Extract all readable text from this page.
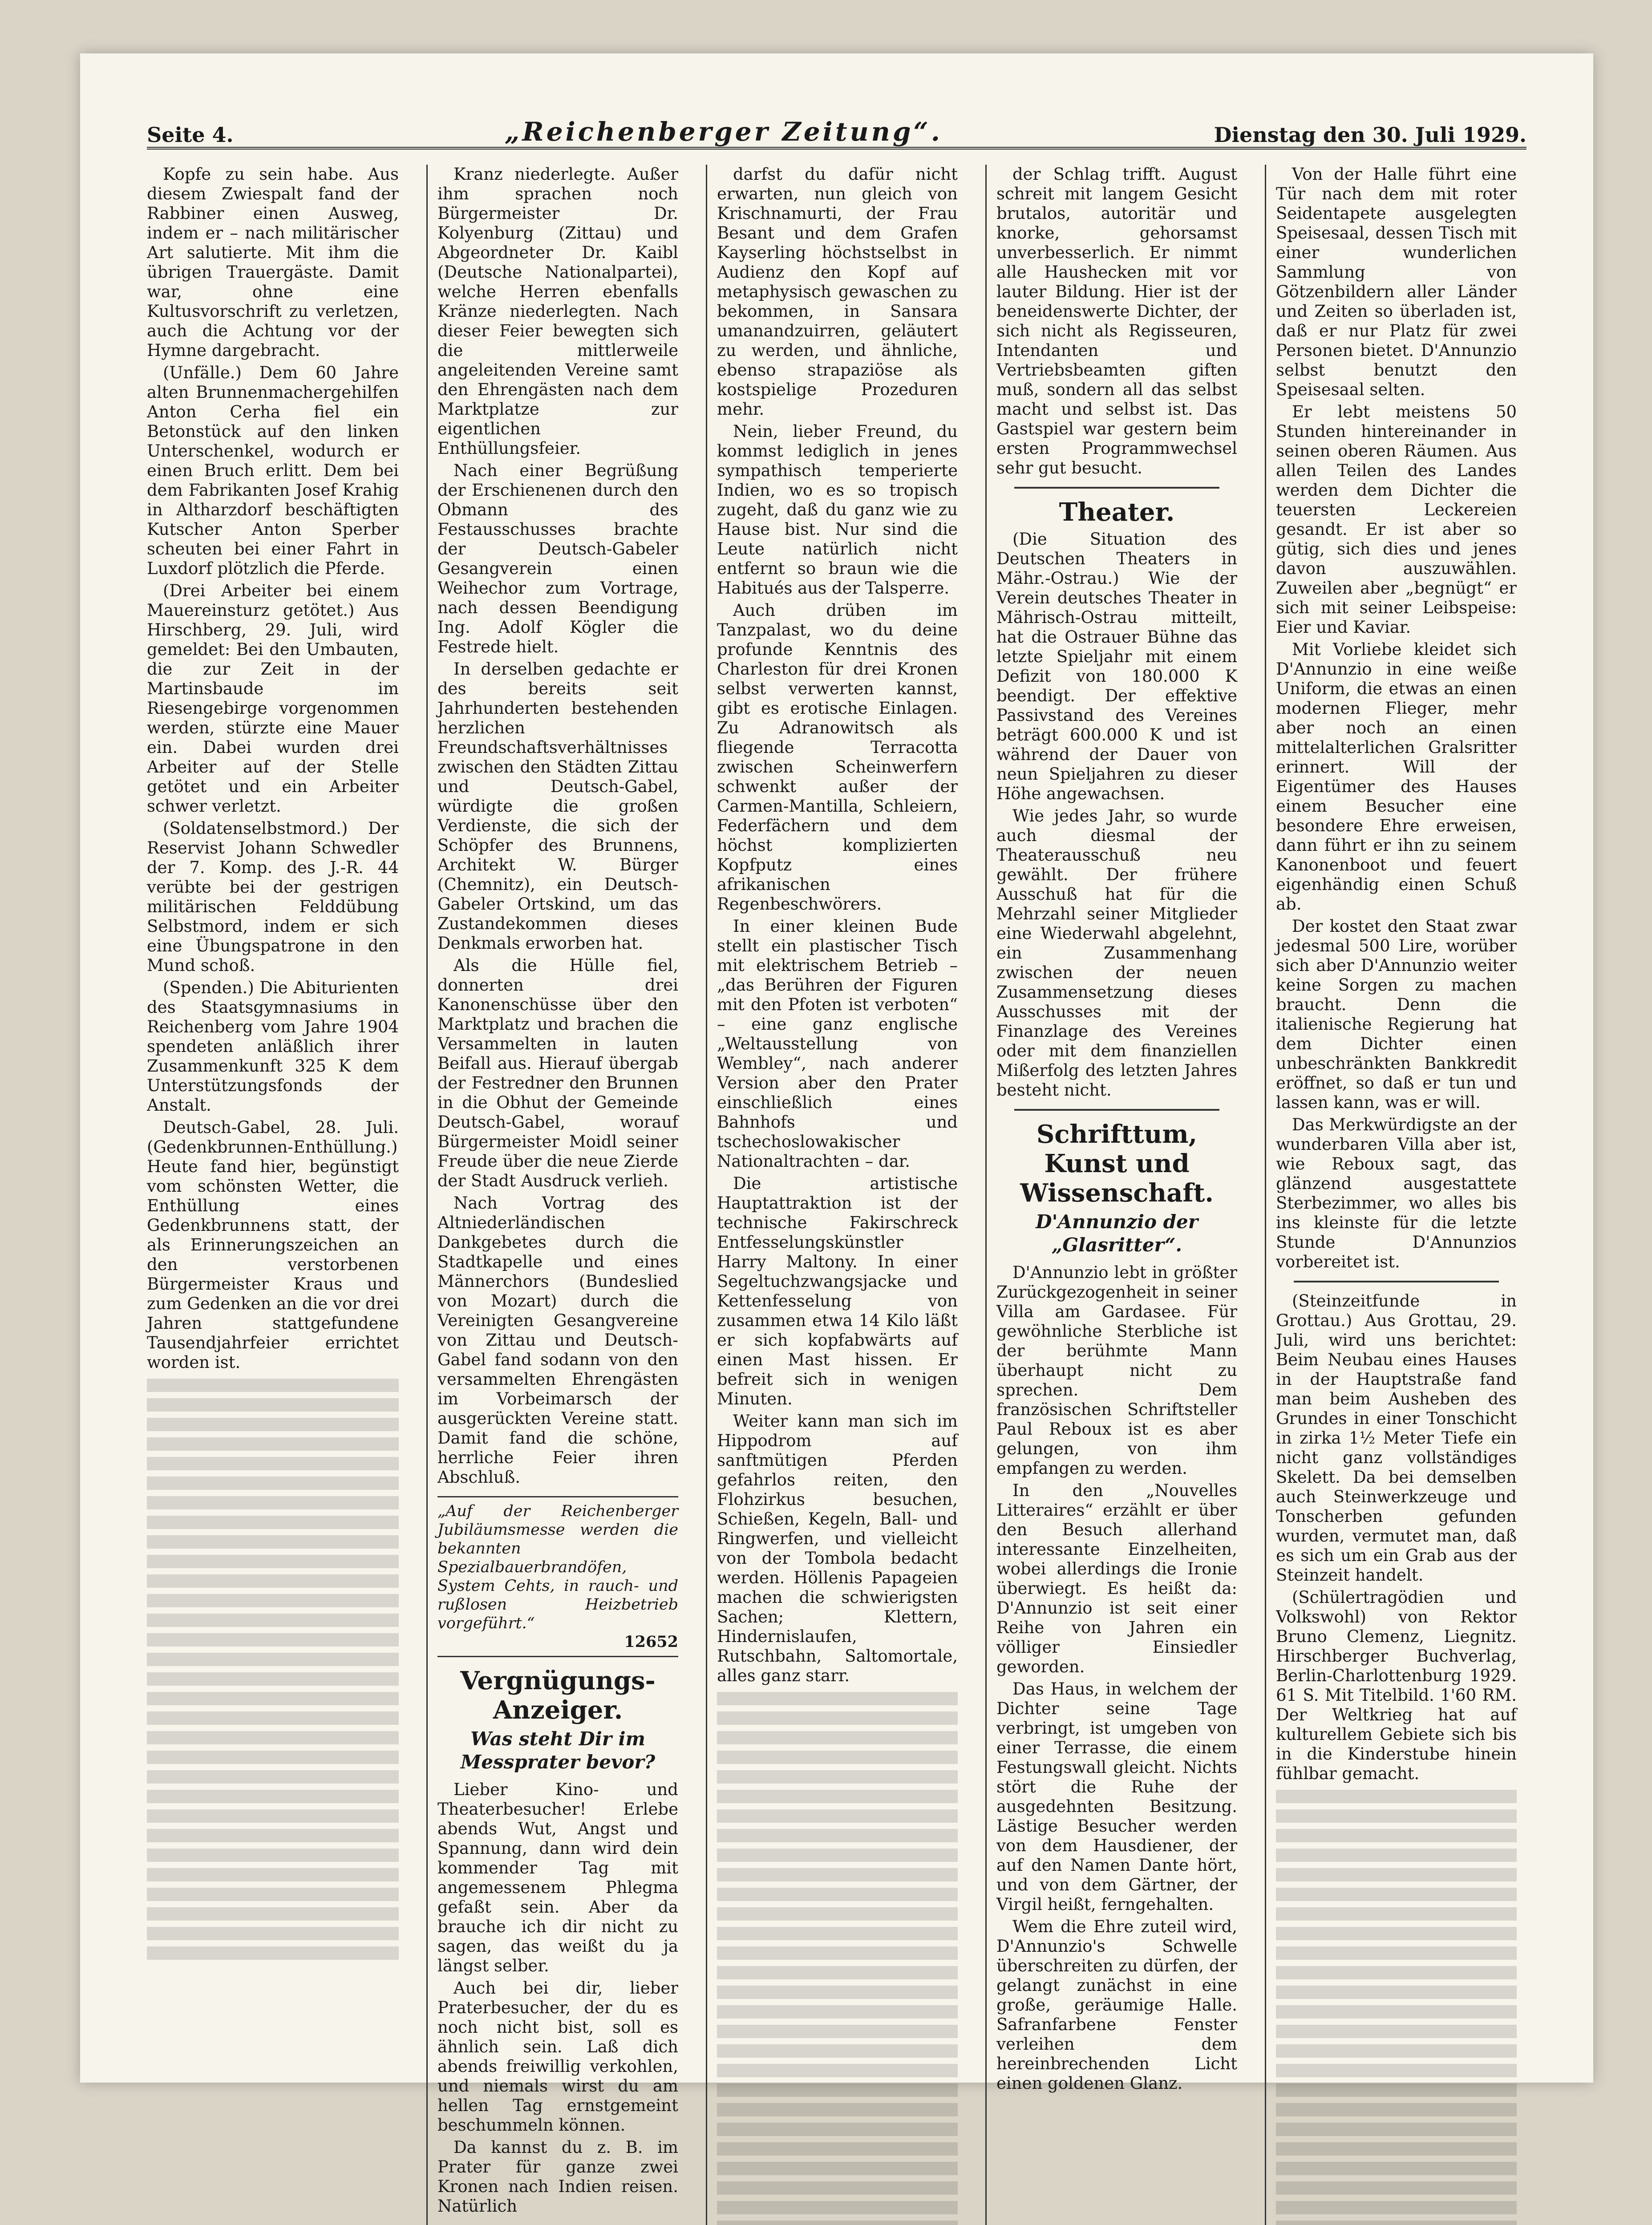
Seite 4.	„Reichenberger Zeitung“.	Dienstag den 30. Juli 1929.

Kopfe zu sein habe. Aus diesem Zwiespalt fand der Rabbiner einen Ausweg, indem er – nach militärischer Art salutierte. Mit ihm die übrigen Trauergäste. Damit war, ohne eine Kultusvorschrift zu verletzen, auch die Achtung vor der Hymne dargebracht.

(Unfälle.) Dem 60 Jahre alten Brunnenmachergehilfen Anton Cerha fiel ein Betonstück auf den linken Unterschenkel, wodurch er einen Bruch erlitt. Dem bei dem Fabrikanten Josef Krahig in Altharzdorf beschäftigten Kutscher Anton Sperber scheuten bei einer Fahrt in Luxdorf plötzlich die Pferde.

(Drei Arbeiter bei einem Mauereinsturz getötet.) Aus Hirschberg, 29. Juli, wird gemeldet: Bei den Umbauten, die zur Zeit in der Martinsbaude im Riesengebirge vorgenommen werden, stürzte eine Mauer ein. Dabei wurden drei Arbeiter auf der Stelle getötet und ein Arbeiter schwer verletzt.

(Soldatenselbstmord.) Der Reservist Johann Schwedler der 7. Komp. des J.-R. 44 verübte bei der gestrigen militärischen Felddübung Selbstmord, indem er sich eine Übungspatrone in den Mund schoß.

(Spenden.) Die Abiturienten des Staatsgymnasiums in Reichenberg vom Jahre 1904 spendeten anläßlich ihrer Zusammenkunft 325 K dem Unterstützungsfonds der Anstalt.

Deutsch-Gabel, 28. Juli. (Gedenkbrunnen-Enthüllung.) Heute fand hier, begünstigt vom schönsten Wetter, die Enthüllung eines Gedenkbrunnens statt, der als Erinnerungszeichen an den verstorbenen Bürgermeister Kraus und zum Gedenken an die vor drei Jahren stattgefundene Tausendjahrfeier errichtet worden ist.

Kranz niederlegte. Außer ihm sprachen noch Bürgermeister Dr. Kolyenburg (Zittau) und Abgeordneter Dr. Kaibl (Deutsche Nationalpartei), welche Herren ebenfalls Kränze niederlegten. Nach dieser Feier bewegten sich die mittlerweile angeleitenden Vereine samt den Ehrengästen nach dem Marktplatze zur eigentlichen Enthüllungsfeier.

Nach einer Begrüßung der Erschienenen durch den Obmann des Festausschusses brachte der Deutsch-Gabeler Gesangverein einen Weihechor zum Vortrage, nach dessen Beendigung Ing. Adolf Kögler die Festrede hielt.

In derselben gedachte er des bereits seit Jahrhunderten bestehenden herzlichen Freundschaftsverhältnisses zwischen den Städten Zittau und Deutsch-Gabel, würdigte die großen Verdienste, die sich der Schöpfer des Brunnens, Architekt W. Bürger (Chemnitz), ein Deutsch-Gabeler Ortskind, um das Zustandekommen dieses Denkmals erworben hat.

Als die Hülle fiel, donnerten drei Kanonenschüsse über den Marktplatz und brachen die Versammelten in lauten Beifall aus. Hierauf übergab der Festredner den Brunnen in die Obhut der Gemeinde Deutsch-Gabel, worauf Bürgermeister Moidl seiner Freude über die neue Zierde der Stadt Ausdruck verlieh.

Nach Vortrag des Altniederländischen Dankgebetes durch die Stadtkapelle und eines Männerchors (Bundeslied von Mozart) durch die Vereinigten Gesangvereine von Zittau und Deutsch-Gabel fand sodann von den versammelten Ehrengästen im Vorbeimarsch der ausgerückten Vereine statt. Damit fand die schöne, herrliche Feier ihren Abschluß.

„Auf der Reichenberger Jubiläumsmesse werden die bekannten Spezialbauerbrandöfen, System Cehts, in rauch- und rußlosen Heizbetrieb vorgeführt.“
12652
Vergnügungs-Anzeiger.
Was steht Dir im Messprater bevor?

Lieber Kino- und Theaterbesucher! Erlebe abends Wut, Angst und Spannung, dann wird dein kommender Tag mit angemessenem Phlegma gefaßt sein. Aber da brauche ich dir nicht zu sagen, das weißt du ja längst selber.

Auch bei dir, lieber Praterbesucher, der du es noch nicht bist, soll es ähnlich sein. Laß dich abends freiwillig verkohlen, und niemals wirst du am hellen Tag ernstgemeint beschummeln können.

Da kannst du z. B. im Prater für ganze zwei Kronen nach Indien reisen. Natürlich

darfst du dafür nicht erwarten, nun gleich von Krischnamurti, der Frau Besant und dem Grafen Kayserling höchstselbst in Audienz den Kopf auf metaphysisch gewaschen zu bekommen, in Sansara umanandzuirren, geläutert zu werden, und ähnliche, ebenso strapaziöse als kostspielige Prozeduren mehr.

Nein, lieber Freund, du kommst lediglich in jenes sympathisch temperierte Indien, wo es so tropisch zugeht, daß du ganz wie zu Hause bist. Nur sind die Leute natürlich nicht entfernt so braun wie die Habitués aus der Talsperre.

Auch drüben im Tanzpalast, wo du deine profunde Kenntnis des Charleston für drei Kronen selbst verwerten kannst, gibt es erotische Einlagen. Zu Adranowitsch als fliegende Terracotta zwischen Scheinwerfern schwenkt außer der Carmen-Mantilla, Schleiern, Federfächern und dem höchst komplizierten Kopfputz eines afrikanischen Regenbeschwörers.

In einer kleinen Bude stellt ein plastischer Tisch mit elektrischem Betrieb – „das Berühren der Figuren mit den Pfoten ist verboten“ – eine ganz englische „Weltausstellung von Wembley“, nach anderer Version aber den Prater einschließlich eines Bahnhofs und tschechoslowakischer Nationaltrachten – dar.

Die artistische Hauptattraktion ist der technische Fakirschreck Entfesselungskünstler Harry Maltony. In einer Segeltuchzwangsjacke und Kettenfesselung von zusammen etwa 14 Kilo läßt er sich kopfabwärts auf einen Mast hissen. Er befreit sich in wenigen Minuten.

Weiter kann man sich im Hippodrom auf sanftmütigen Pferden gefahrlos reiten, den Flohzirkus besuchen, Schießen, Kegeln, Ball- und Ringwerfen, und vielleicht von der Tombola bedacht werden. Höllenis Papageien machen die schwierigsten Sachen; Klettern, Hindernislaufen, Rutschbahn, Saltomortale, alles ganz starr.

der Schlag trifft. August schreit mit langem Gesicht brutalos, autoritär und knorke, gehorsamst unverbesserlich. Er nimmt alle Haushecken mit vor lauter Bildung. Hier ist der beneidenswerte Dichter, der sich nicht als Regisseuren, Intendanten und Vertriebsbeamten giften muß, sondern all das selbst macht und selbst ist. Das Gastspiel war gestern beim ersten Programmwechsel sehr gut besucht.

Theater.

(Die Situation des Deutschen Theaters in Mähr.-Ostrau.) Wie der Verein deutsches Theater in Mährisch-Ostrau mitteilt, hat die Ostrauer Bühne das letzte Spieljahr mit einem Defizit von 180.000 K beendigt. Der effektive Passivstand des Vereines beträgt 600.000 K und ist während der Dauer von neun Spieljahren zu dieser Höhe angewachsen.

Wie jedes Jahr, so wurde auch diesmal der Theaterausschuß neu gewählt. Der frühere Ausschuß hat für die Mehrzahl seiner Mitglieder eine Wiederwahl abgelehnt, ein Zusammenhang zwischen der neuen Zusammensetzung dieses Ausschusses mit der Finanzlage des Vereines oder mit dem finanziellen Mißerfolg des letzten Jahres besteht nicht.

Schrifttum, Kunst und Wissenschaft.
D'Annunzio der „Glasritter“.

D'Annunzio lebt in größter Zurückgezogenheit in seiner Villa am Gardasee. Für gewöhnliche Sterbliche ist der berühmte Mann überhaupt nicht zu sprechen. Dem französischen Schriftsteller Paul Reboux ist es aber gelungen, von ihm empfangen zu werden.

In den „Nouvelles Litteraires“ erzählt er über den Besuch allerhand interessante Einzelheiten, wobei allerdings die Ironie überwiegt. Es heißt da: D'Annunzio ist seit einer Reihe von Jahren ein völliger Einsiedler geworden.

Das Haus, in welchem der Dichter seine Tage verbringt, ist umgeben von einer Terrasse, die einem Festungswall gleicht. Nichts stört die Ruhe der ausgedehnten Besitzung. Lästige Besucher werden von dem Hausdiener, der auf den Namen Dante hört, und von dem Gärtner, der Virgil heißt, ferngehalten.

Wem die Ehre zuteil wird, D'Annunzio's Schwelle überschreiten zu dürfen, der gelangt zunächst in eine große, geräumige Halle. Safranfarbene Fenster verleihen dem hereinbrechenden Licht einen goldenen Glanz.

Von der Halle führt eine Tür nach dem mit roter Seidentapete ausgelegten Speisesaal, dessen Tisch mit einer wunderlichen Sammlung von Götzenbildern aller Länder und Zeiten so überladen ist, daß er nur Platz für zwei Personen bietet. D'Annunzio selbst benutzt den Speisesaal selten.

Er lebt meistens 50 Stunden hintereinander in seinen oberen Räumen. Aus allen Teilen des Landes werden dem Dichter die teuersten Leckereien gesandt. Er ist aber so gütig, sich dies und jenes davon auszuwählen. Zuweilen aber „begnügt“ er sich mit seiner Leibspeise: Eier und Kaviar.

Mit Vorliebe kleidet sich D'Annunzio in eine weiße Uniform, die etwas an einen modernen Flieger, mehr aber noch an einen mittelalterlichen Gralsritter erinnert. Will der Eigentümer des Hauses einem Besucher eine besondere Ehre erweisen, dann führt er ihn zu seinem Kanonenboot und feuert eigenhändig einen Schuß ab.

Der kostet den Staat zwar jedesmal 500 Lire, worüber sich aber D'Annunzio weiter keine Sorgen zu machen braucht. Denn die italienische Regierung hat dem Dichter einen unbeschränkten Bankkredit eröffnet, so daß er tun und lassen kann, was er will.

Das Merkwürdigste an der wunderbaren Villa aber ist, wie Reboux sagt, das glänzend ausgestattete Sterbezimmer, wo alles bis ins kleinste für die letzte Stunde D'Annunzios vorbereitet ist.

(Steinzeitfunde in Grottau.) Aus Grottau, 29. Juli, wird uns berichtet: Beim Neubau eines Hauses in der Hauptstraße fand man beim Ausheben des Grundes in einer Tonschicht in zirka 1½ Meter Tiefe ein nicht ganz vollständiges Skelett. Da bei demselben auch Steinwerkzeuge und Tonscherben gefunden wurden, vermutet man, daß es sich um ein Grab aus der Steinzeit handelt.

(Schülertragödien und Volkswohl) von Rektor Bruno Clemenz, Liegnitz. Hirschberger Buchverlag, Berlin-Charlottenburg 1929. 61 S. Mit Titelbild. 1'60 RM. Der Weltkrieg hat auf kulturellem Gebiete sich bis in die Kinderstube hinein fühlbar gemacht.
